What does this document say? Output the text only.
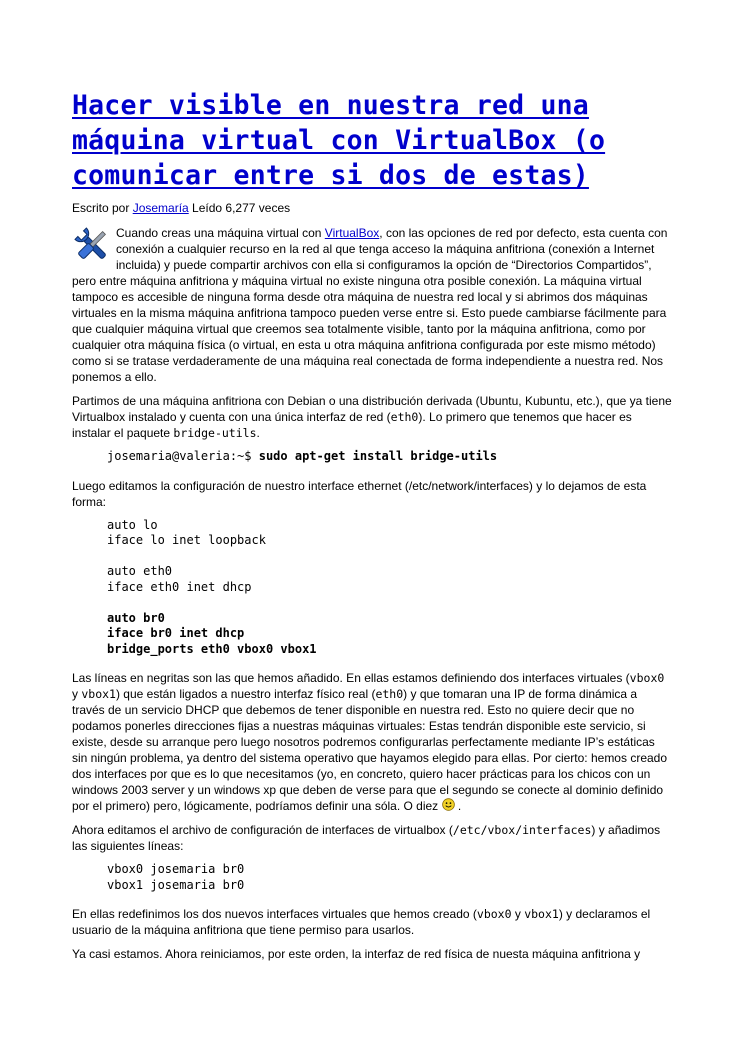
Hacer visible en nuestra red una máquina virtual con VirtualBox (o comunicar entre si dos de estas)
Escrito por Josemaría Leído 6,277 veces

Cuando creas una máquina virtual con VirtualBox, con las opciones de red por defecto, esta cuenta con conexión a cualquier recurso en la red al que tenga acceso la máquina anfitriona (conexión a Internet incluida) y puede compartir archivos con ella si configuramos la opción de “Directorios Compartidos”, pero entre máquina anfitriona y máquina virtual no existe ninguna otra posible conexión. La máquina virtual tampoco es accesible de ninguna forma desde otra máquina de nuestra red local y si abrimos dos máquinas virtuales en la misma máquina anfitriona tampoco pueden verse entre si. Esto puede cambiarse fácilmente para que cualquier máquina virtual que creemos sea totalmente visible, tanto por la máquina anfitriona, como por cualquier otra máquina física (o virtual, en esta u otra máquina anfitriona configurada por este mismo método) como si se tratase verdaderamente de una máquina real conectada de forma independiente a nuestra red. Nos ponemos a ello.

Partimos de una máquina anfitriona con Debian o una distribución derivada (Ubuntu, Kubuntu, etc.), que ya tiene Virtualbox instalado y cuenta con una única interfaz de red (eth0). Lo primero que tenemos que hacer es instalar el paquete bridge-utils.

josemaria@valeria:~$ sudo apt-get install bridge-utils

Luego editamos la configuración de nuestro interface ethernet (/etc/network/interfaces) y lo dejamos de esta forma:

auto lo
iface lo inet loopback
auto eth0
iface eth0 inet dhcp
auto br0
iface br0 inet dhcp
bridge_ports eth0 vbox0 vbox1

Las líneas en negritas son las que hemos añadido. En ellas estamos definiendo dos interfaces virtuales (vbox0 y vbox1) que están ligados a nuestro interfaz físico real (eth0) y que tomaran una IP de forma dinámica a través de un servicio DHCP que debemos de tener disponible en nuestra red. Esto no quiere decir que no podamos ponerles direcciones fijas a nuestras máquinas virtuales: Estas tendrán disponible este servicio, si existe, desde su arranque pero luego nosotros podremos configurarlas perfectamente mediante IP’s estáticas sin ningún problema, ya dentro del sistema operativo que hayamos elegido para ellas. Por cierto: hemos creado dos interfaces por que es lo que necesitamos (yo, en concreto, quiero hacer prácticas para los chicos con un windows 2003 server y un windows xp que deben de verse para que el segundo se conecte al dominio definido por el primero) pero, lógicamente, podríamos definir una sóla. O diez  .

Ahora editamos el archivo de configuración de interfaces de virtualbox (/etc/vbox/interfaces) y añadimos las siguientes líneas:

vbox0 josemaria br0
vbox1 josemaria br0

En ellas redefinimos los dos nuevos interfaces virtuales que hemos creado (vbox0 y vbox1) y declaramos el usuario de la máquina anfitriona que tiene permiso para usarlos.

Ya casi estamos. Ahora reiniciamos, por este orden, la interfaz de red física de nuesta máquina anfitriona y
